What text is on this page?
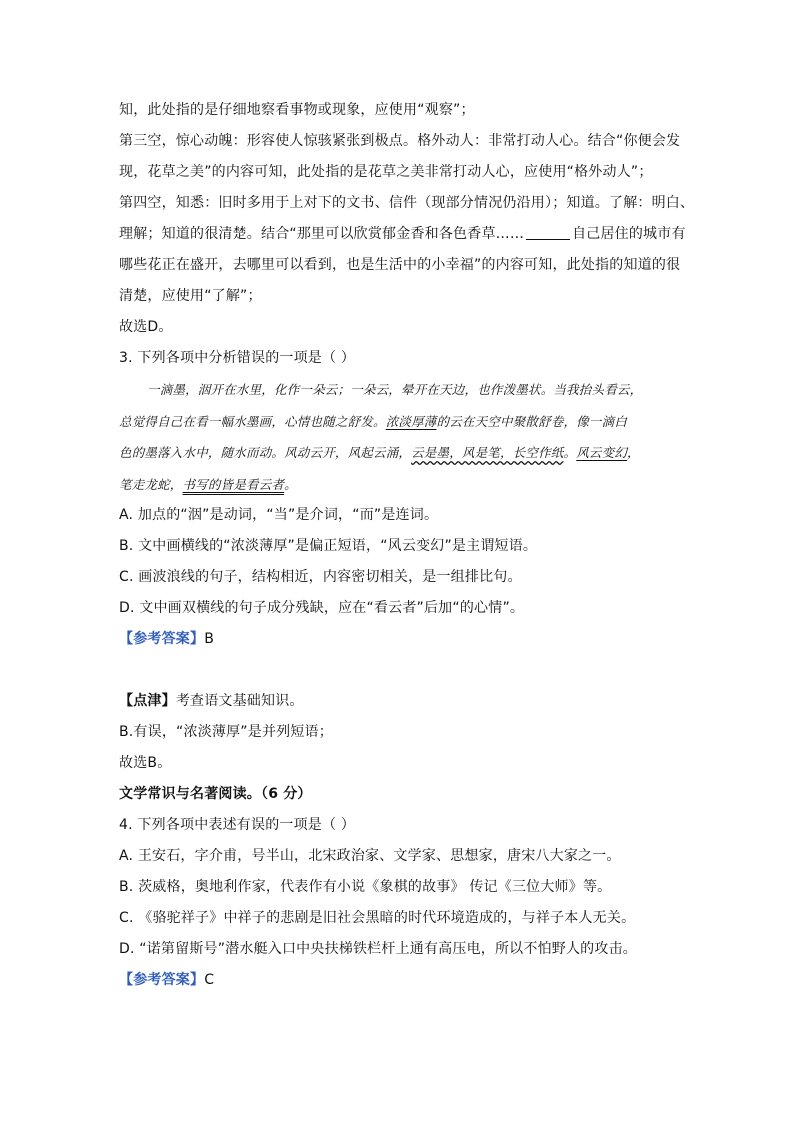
知，此处指的是仔细地察看事物或现象，应使用“观察”；
第三空，惊心动魄：形容使人惊骇紧张到极点。格外动人：非常打动人心。结合“你便会发
现，花草之美”的内容可知，此处指的是花草之美非常打动人心，应使用“格外动人”；
第四空，知悉：旧时多用于上对下的文书、信件（现部分情况仍沿用）；知道。了解：明白、
理解；知道的很清楚。结合“那里可以欣赏郁金香和各色香草……	自己居住的城市有
哪些花正在盛开，去哪里可以看到，也是生活中的小幸福”的内容可知，此处指的知道的很
清楚，应使用“了解”；
故选D。
3. 下列各项中分析错误的一项是（ ）
一滴墨，洇开在水里，化作一朵云；一朵云，晕开在天边，也作泼墨状。当我抬头看云，
总觉得自己在看一幅水墨画，心情也随之舒发。浓淡厚薄的云在天空中聚散舒卷，像一滴白
色的墨落入水中，随水而动。风动云开，风起云涌，云是墨，风是笔，长空作纸。风云变幻，
笔走龙蛇，书写的皆是看云者。
A. 加点的“洇”是动词，“当”是介词，“而”是连词。
B. 文中画横线的“浓淡薄厚”是偏正短语，“风云变幻”是主谓短语。
C. 画波浪线的句子，结构相近，内容密切相关，是一组排比句。
D. 文中画双横线的句子成分残缺，应在“看云者”后加“的心情”。
【参考答案】B
【点津】考查语文基础知识。
B.有误，“浓淡薄厚”是并列短语；
故选B。
文学常识与名著阅读。（6 分）
4. 下列各项中表述有误的一项是（ ）
A. 王安石，字介甫，号半山，北宋政治家、文学家、思想家，唐宋八大家之一。
B. 茨威格，奥地利作家，代表作有小说《象棋的故事》 传记《三位大师》等。
C. 《骆驼祥子》中祥子的悲剧是旧社会黑暗的时代环境造成的，与祥子本人无关。
D. “诺第留斯号”潜水艇入口中央扶梯铁栏杆上通有高压电，所以不怕野人的攻击。
【参考答案】C
